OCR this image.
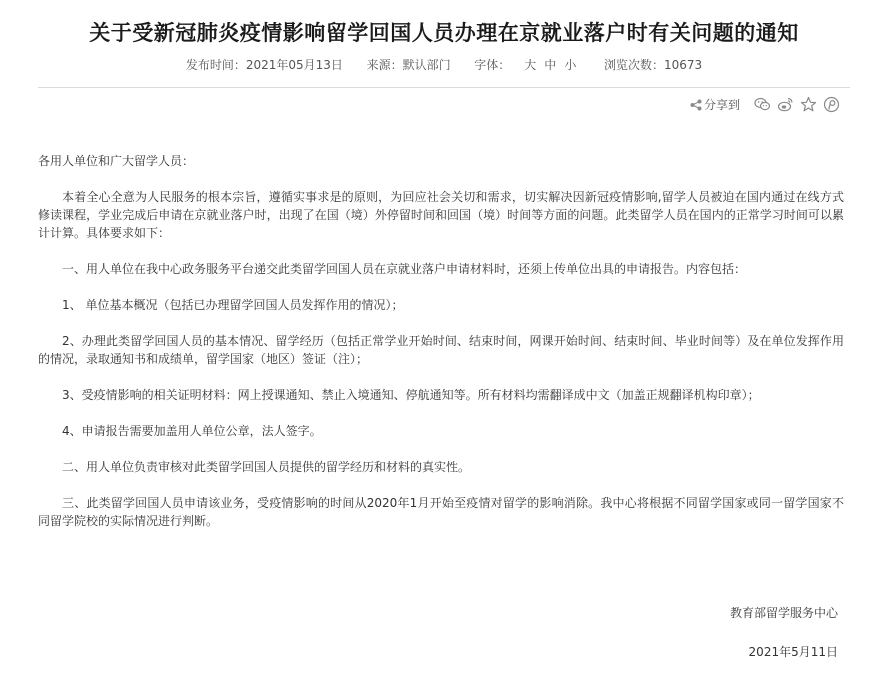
关于受新冠肺炎疫情影响留学回国人员办理在京就业落户时有关问题的通知
发布时间：2021年05月13日 来源：默认部门 字体： 大 中 小 浏览次数：10673
分享到

各用人单位和广大留学人员：

本着全心全意为人民服务的根本宗旨，遵循实事求是的原则，为回应社会关切和需求，切实解决因新冠疫情影响,留学人员被迫在国内通过在线方式修读课程，学业完成后申请在京就业落户时，出现了在国（境）外停留时间和回国（境）时间等方面的问题。此类留学人员在国内的正常学习时间可以累计计算。具体要求如下：

一、用人单位在我中心政务服务平台递交此类留学回国人员在京就业落户申请材料时，还须上传单位出具的申请报告。内容包括：

1、 单位基本概况（包括已办理留学回国人员发挥作用的情况）；

2、办理此类留学回国人员的基本情况、留学经历（包括正常学业开始时间、结束时间，网课开始时间、结束时间、毕业时间等）及在单位发挥作用的情况，录取通知书和成绩单，留学国家（地区）签证（注）；

3、受疫情影响的相关证明材料：网上授课通知、禁止入境通知、停航通知等。所有材料均需翻译成中文（加盖正规翻译机构印章）；

4、申请报告需要加盖用人单位公章，法人签字。

二、用人单位负责审核对此类留学回国人员提供的留学经历和材料的真实性。

三、此类留学回国人员申请该业务，受疫情影响的时间从2020年1月开始至疫情对留学的影响消除。我中心将根据不同留学国家或同一留学国家不同留学院校的实际情况进行判断。

教育部留学服务中心
2021年5月11日
